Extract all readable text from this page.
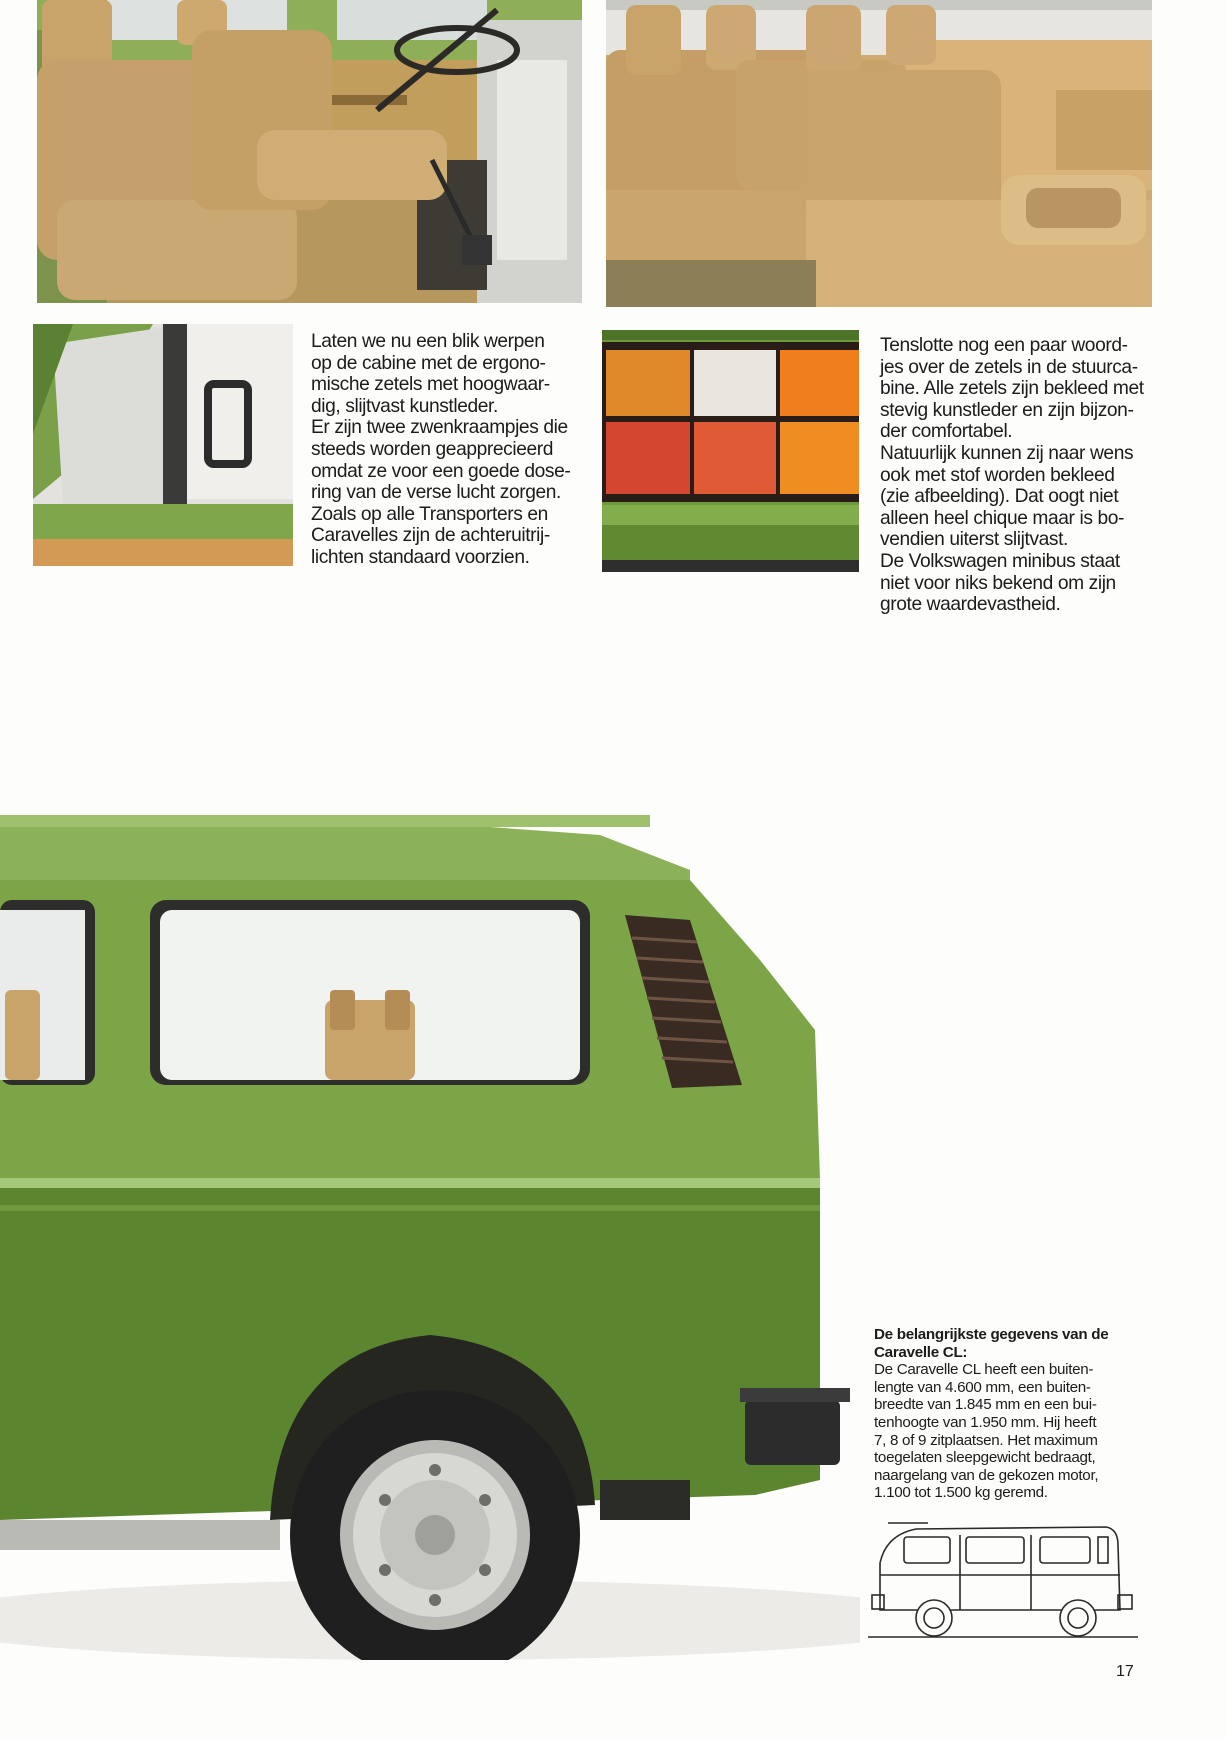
Laten we nu een blik werpen

op de cabine met de ergono-

mische zetels met hoogwaar-

dig, slijtvast kunstleder.

Er zijn twee zwenkraampjes die

steeds worden geapprecieerd

omdat ze voor een goede dose-

ring van de verse lucht zorgen.

Zoals op alle Transporters en

Caravelles zijn de achteruitrij-

lichten standaard voorzien.

Tenslotte nog een paar woord-

jes over de zetels in de stuurca-

bine. Alle zetels zijn bekleed met

stevig kunstleder en zijn bijzon-

der comfortabel.

Natuurlijk kunnen zij naar wens

ook met stof worden bekleed

(zie afbeelding). Dat oogt niet

alleen heel chique maar is bo-

vendien uiterst slijtvast.

De Volkswagen minibus staat

niet voor niks bekend om zijn

grote waardevastheid.

De belangrijkste gegevens van de
Caravelle CL:
De Caravelle CL heeft een buiten-
lengte van 4.600 mm, een buiten-
breedte van 1.845 mm en een bui-
tenhoogte van 1.950 mm. Hij heeft
7, 8 of 9 zitplaatsen. Het maximum
toegelaten sleepgewicht bedraagt,
naargelang van de gekozen motor,
1.100 tot 1.500 kg geremd.
17
